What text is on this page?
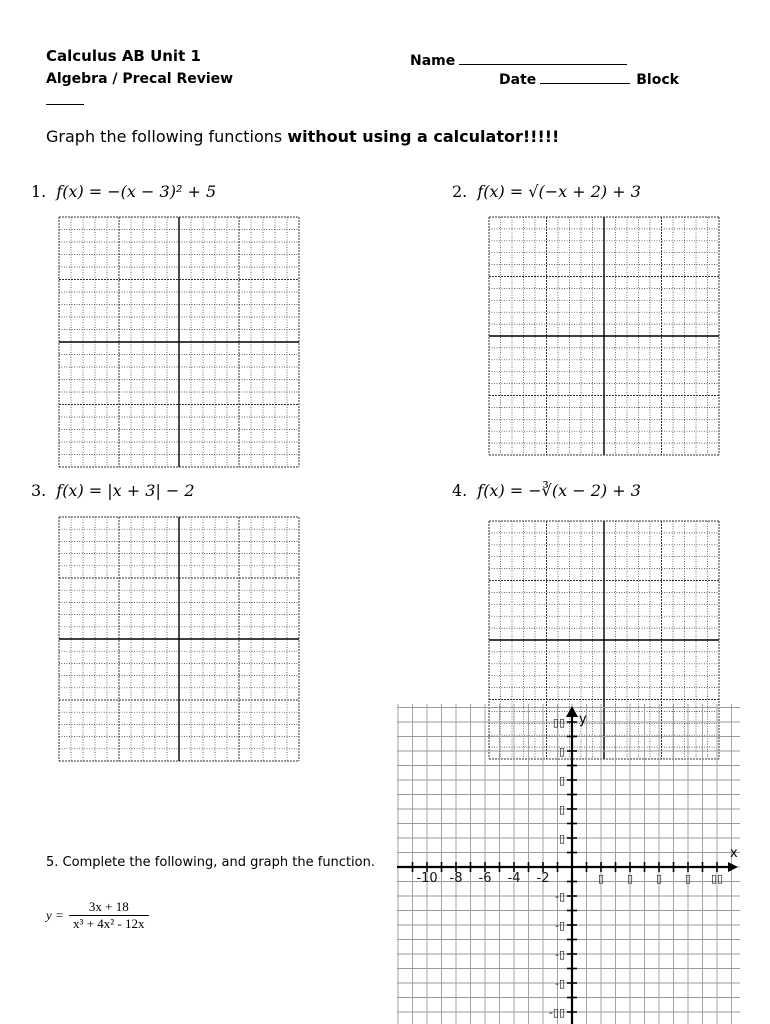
Calculus AB Unit 1
Algebra / Precal Review
Name
Date	Block
Graph the following functions without using a calculator!!!!!
1. f(x) = −(x − 3)² + 5	2. f(x) = √(−x + 2) + 3
3. f(x) = |x + 3| − 2	4. f(x) = −∛(x − 2) + 3
5. Complete the following, and graph the function.
$y = \frac{3x + 18}{\text{x³ + 4x² - 12x}}$
x
y
-10 -8 -6 -4 -2	▯ ▯ ▯ ▯ ▯▯
▯▯
▯
▯
▯
▯
-▯
-▯
-▯
-▯
-▯▯
